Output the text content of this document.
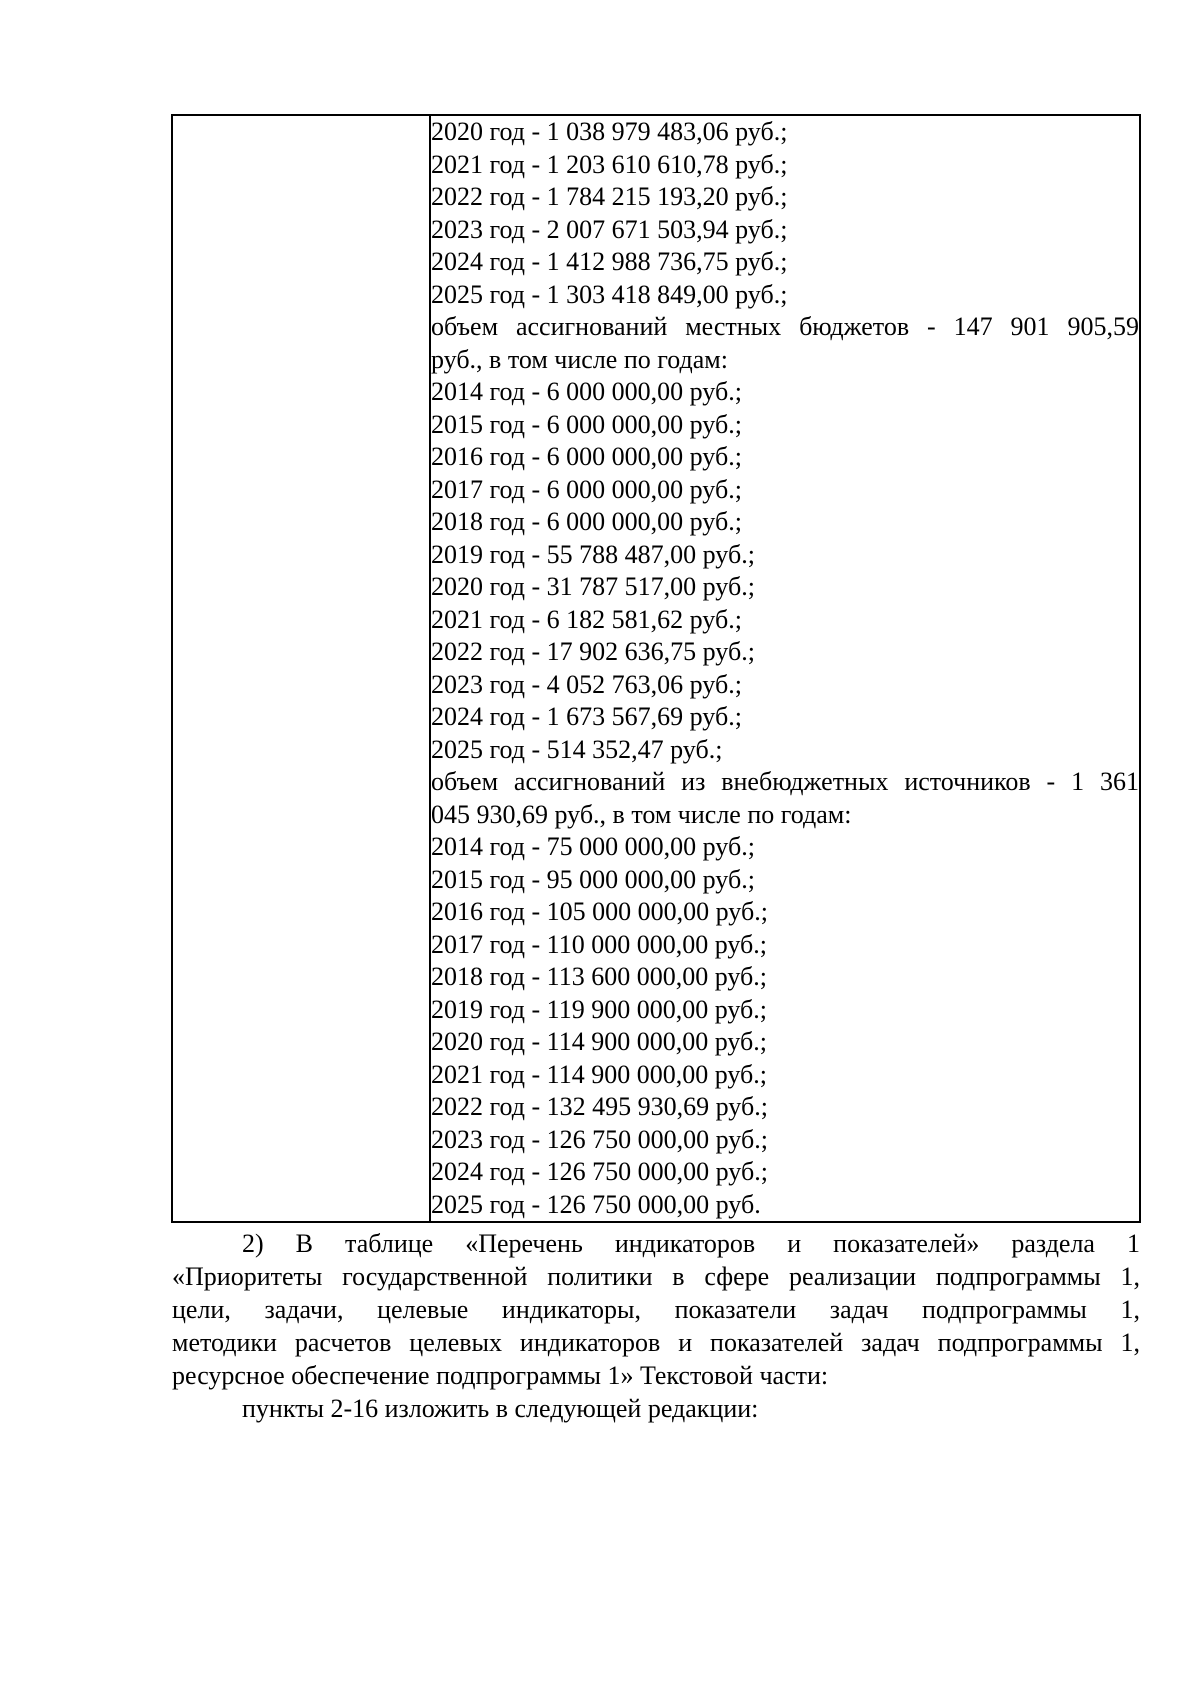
2020 год - 1 038 979 483,06 руб.;
2021 год - 1 203 610 610,78 руб.;
2022 год - 1 784 215 193,20 руб.;
2023 год - 2 007 671 503,94 руб.;
2024 год - 1 412 988 736,75 руб.;
2025 год - 1 303 418 849,00 руб.;
объем ассигнований местных бюджетов - 147 901 905,59
руб., в том числе по годам:
2014 год - 6 000 000,00 руб.;
2015 год - 6 000 000,00 руб.;
2016 год - 6 000 000,00 руб.;
2017 год - 6 000 000,00 руб.;
2018 год - 6 000 000,00 руб.;
2019 год - 55 788 487,00 руб.;
2020 год - 31 787 517,00 руб.;
2021 год - 6 182 581,62 руб.;
2022 год - 17 902 636,75 руб.;
2023 год - 4 052 763,06 руб.;
2024 год - 1 673 567,69 руб.;
2025 год - 514 352,47 руб.;
объем ассигнований из внебюджетных источников - 1 361
045 930,69 руб., в том числе по годам:
2014 год - 75 000 000,00 руб.;
2015 год - 95 000 000,00 руб.;
2016 год - 105 000 000,00 руб.;
2017 год - 110 000 000,00 руб.;
2018 год - 113 600 000,00 руб.;
2019 год - 119 900 000,00 руб.;
2020 год - 114 900 000,00 руб.;
2021 год - 114 900 000,00 руб.;
2022 год - 132 495 930,69 руб.;
2023 год - 126 750 000,00 руб.;
2024 год - 126 750 000,00 руб.;
2025 год - 126 750 000,00 руб.
2) В таблице «Перечень индикаторов и показателей» раздела 1
«Приоритеты государственной политики в сфере реализации подпрограммы 1,
цели, задачи, целевые индикаторы, показатели задач подпрограммы 1,
методики расчетов целевых индикаторов и показателей задач подпрограммы 1,
ресурсное обеспечение подпрограммы 1» Текстовой части:
пункты 2-16 изложить в следующей редакции:
